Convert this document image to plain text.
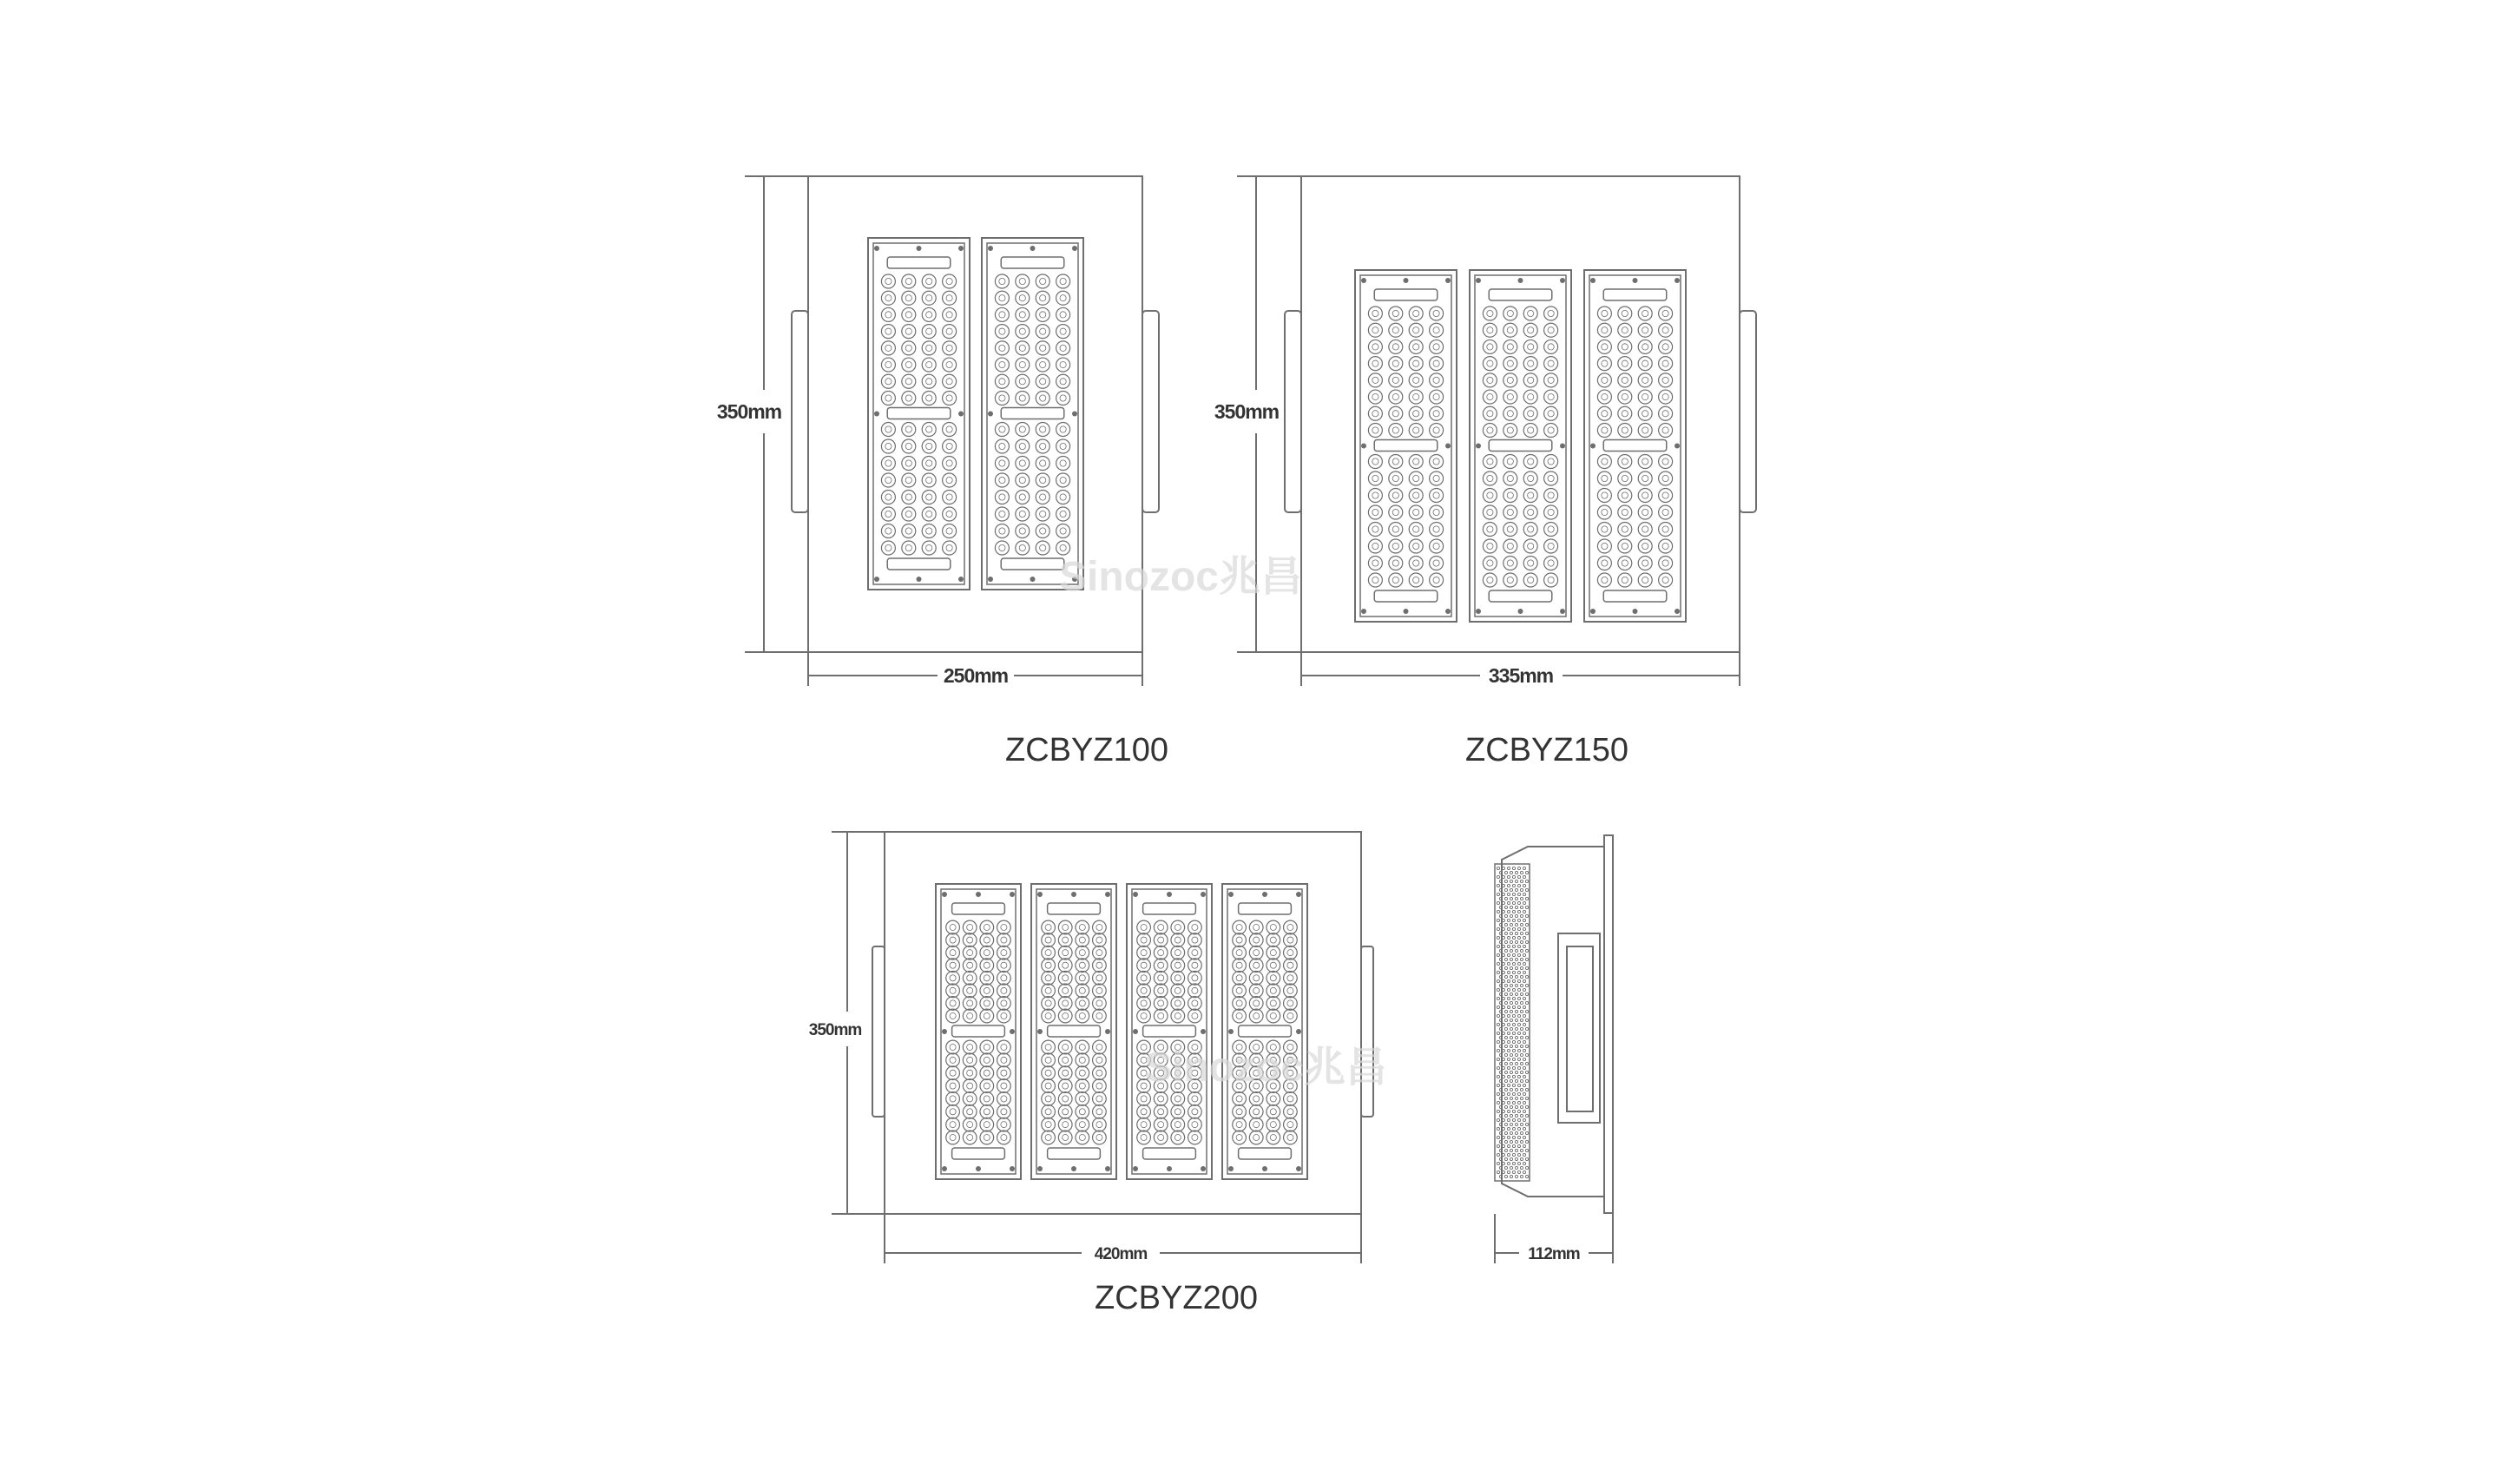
350mm
250mm
ZCBYZ100
350mm
335mm
ZCBYZ150
350mm
420mm
ZCBYZ200
112mm
Sinozoc兆昌
Sinozoc兆昌
